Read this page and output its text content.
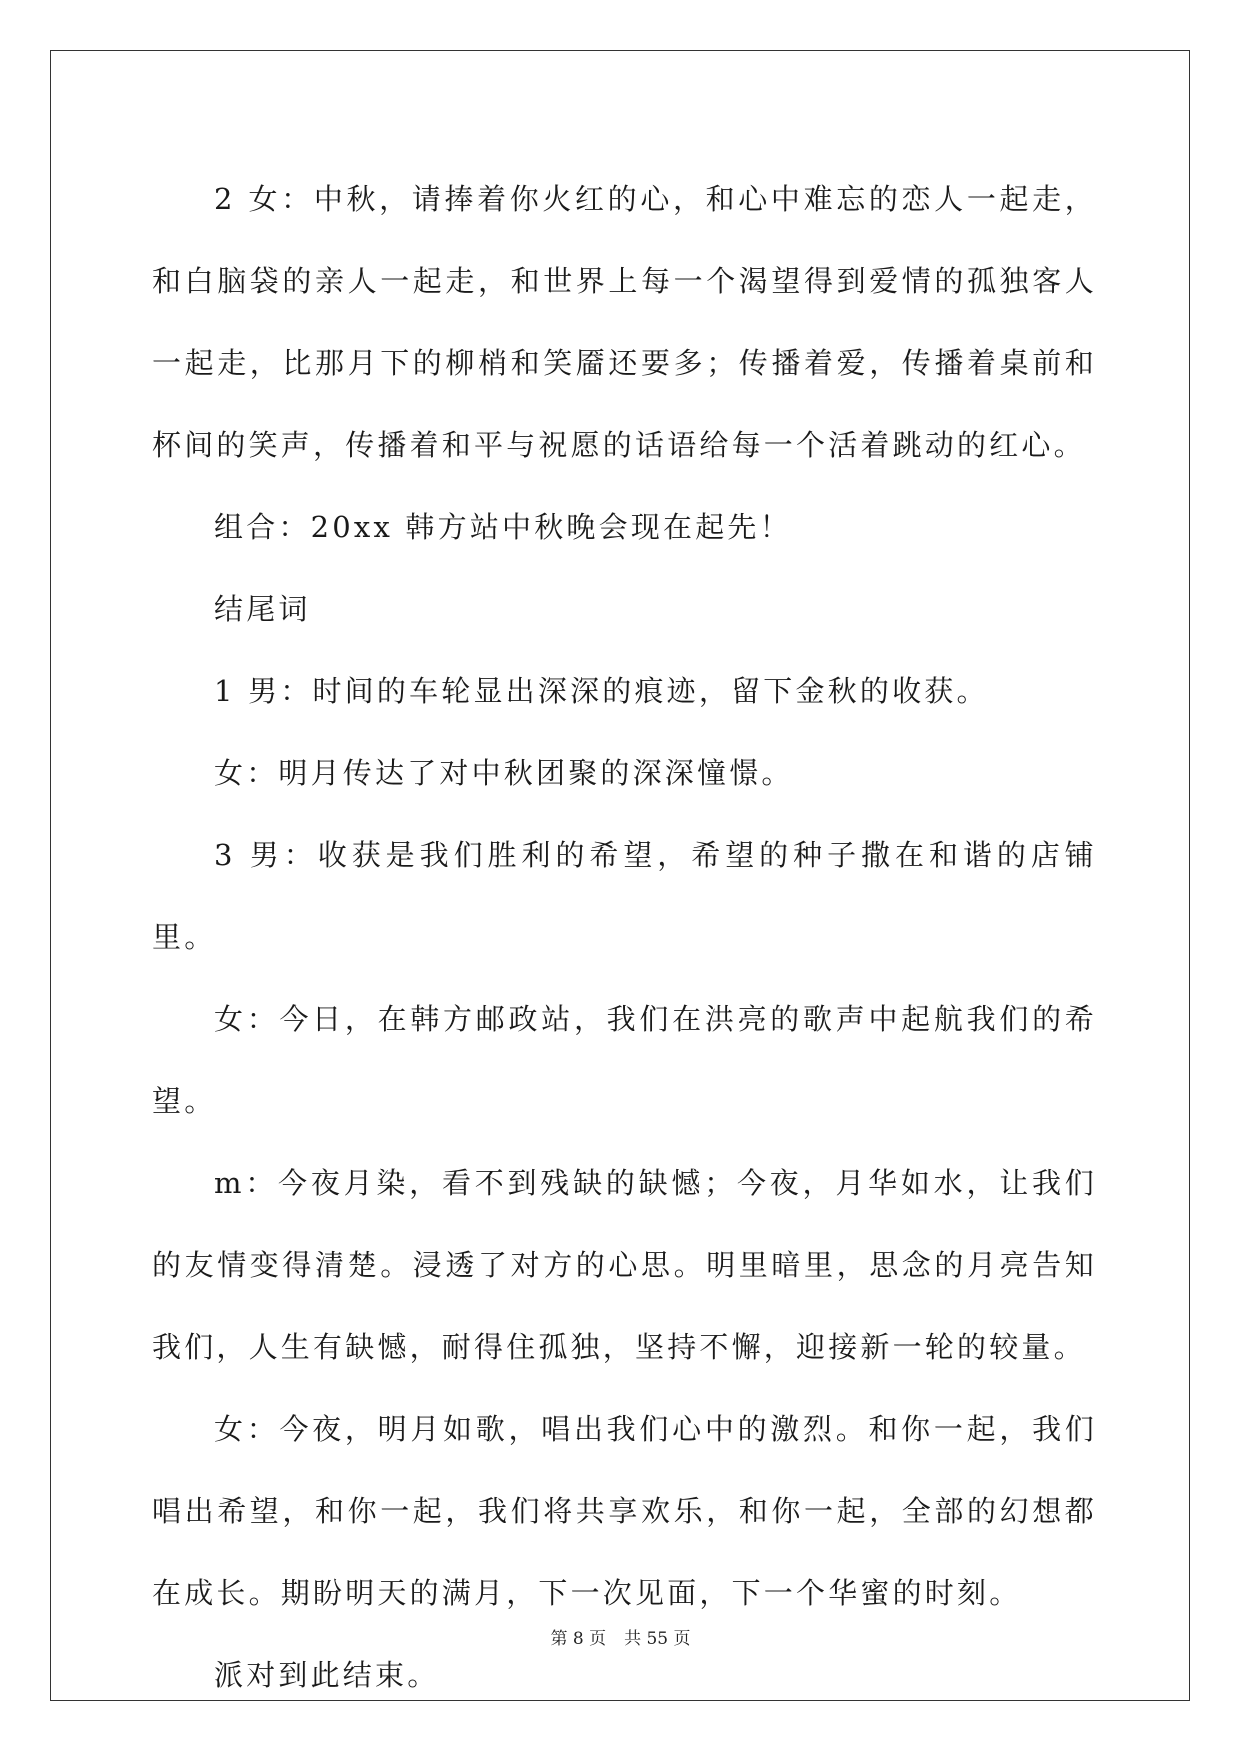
2 女：中秋，请捧着你火红的心，和心中难忘的恋人一起走，和白脑袋的亲人一起走，和世界上每一个渴望得到爱情的孤独客人一起走，比那月下的柳梢和笑靥还要多；传播着爱，传播着桌前和杯间的笑声，传播着和平与祝愿的话语给每一个活着跳动的红心。

组合：20xx 韩方站中秋晚会现在起先！

结尾词

1 男：时间的车轮显出深深的痕迹，留下金秋的收获。

女：明月传达了对中秋团聚的深深憧憬。

3 男：收获是我们胜利的希望，希望的种子撒在和谐的店铺里。

女：今日，在韩方邮政站，我们在洪亮的歌声中起航我们的希望。

m：今夜月染，看不到残缺的缺憾；今夜，月华如水，让我们的友情变得清楚。浸透了对方的心思。明里暗里，思念的月亮告知我们，人生有缺憾，耐得住孤独，坚持不懈，迎接新一轮的较量。

女：今夜，明月如歌，唱出我们心中的激烈。和你一起，我们唱出希望，和你一起，我们将共享欢乐，和你一起，全部的幻想都在成长。期盼明天的满月，下一次见面，下一个华蜜的时刻。

派对到此结束。

第 8 页 共 55 页
